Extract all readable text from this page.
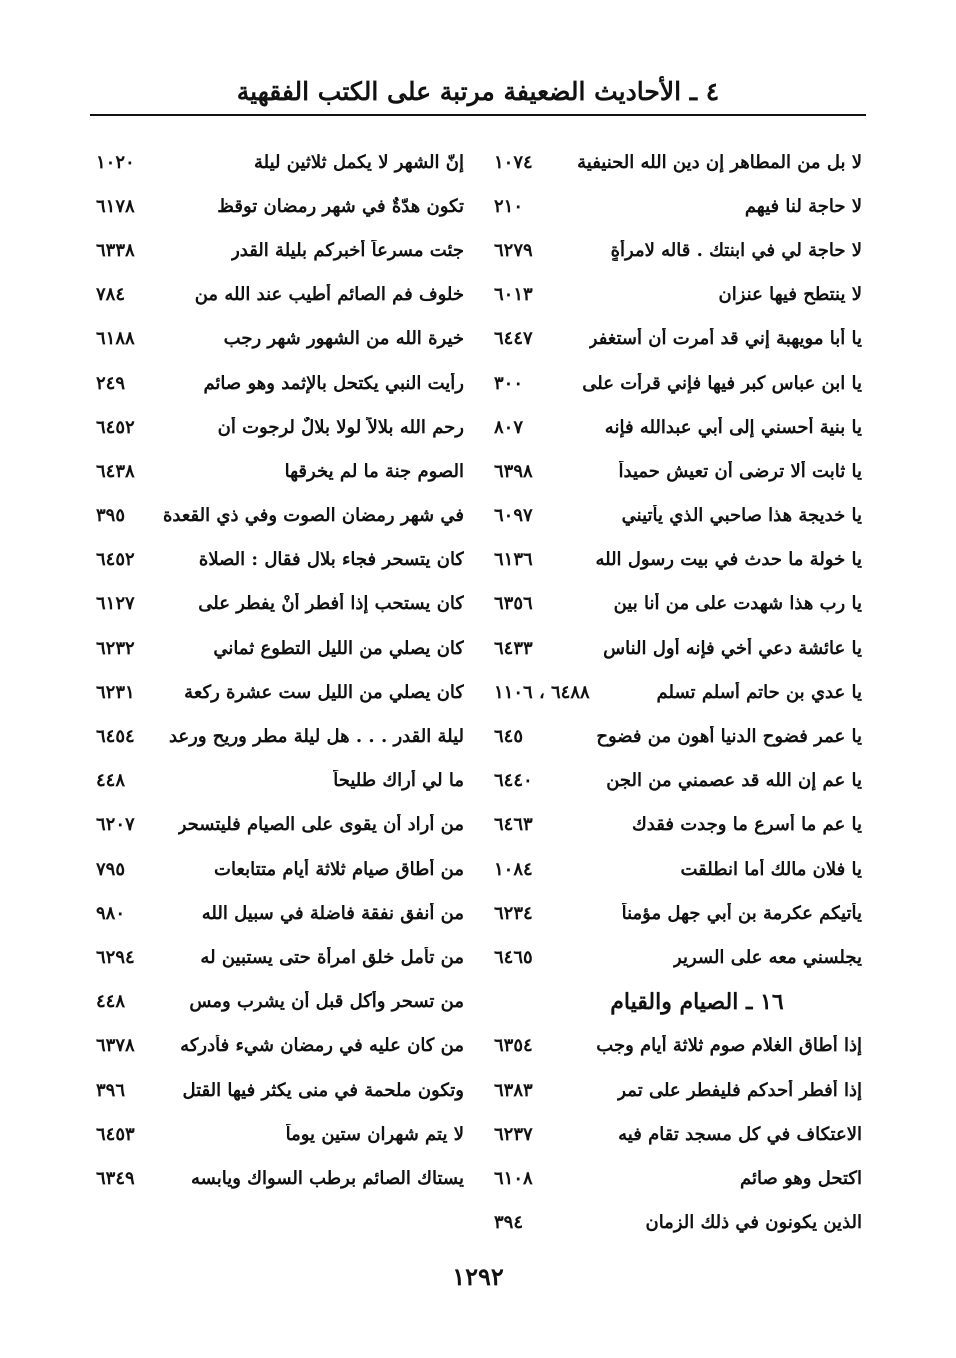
٤ ـ الأحاديث الضعيفة مرتبة على الكتب الفقهية
لا بل من المطاهر إن دين الله الحنيفية
١٠٧٤
لا حاجة لنا فيهم
٢١٠
لا حاجة لي في ابنتك . قاله لامرأةٍ
٦٢٧٩
لا ينتطح فيها عنزان
٦٠١٣
يا أبا مويهبة إني قد أمرت أن أستغفر
٦٤٤٧
يا ابن عباس كبر فيها فإني قرأت على
٣٠٠
يا بنية أحسني إلى أبي عبدالله فإنه
٨٠٧
يا ثابت ألا ترضى أن تعيش حميداً
٦٣٩٨
يا خديجة هذا صاحبي الذي يأتيني
٦٠٩٧
يا خولة ما حدث في بيت رسول الله
٦١٣٦
يا رب هذا شهدت على من أنا بين
٦٣٥٦
يا عائشة دعي أخي فإنه أول الناس
٦٤٣٣
يا عدي بن حاتم أسلم تسلم
٦٤٨٨ ، ١١٠٦
يا عمر فضوح الدنيا أهون من فضوح
٦٤٥
يا عم إن الله قد عصمني من الجن
٦٤٤٠
يا عم ما أسرع ما وجدت فقدك
٦٤٦٣
يا فلان مالك أما انطلقت
١٠٨٤
يأتيكم عكرمة بن أبي جهل مؤمناً
٦٢٣٤
يجلسني معه على السرير
٦٤٦٥
١٦ ـ الصيام والقيام
إذا أطاق الغلام صوم ثلاثة أيام وجب
٦٣٥٤
إذا أفطر أحدكم فليفطر على تمر
٦٣٨٣
الاعتكاف في كل مسجد تقام فيه
٦٢٣٧
اكتحل وهو صائم
٦١٠٨
الذين يكونون في ذلك الزمان
٣٩٤
إنّ الشهر لا يكمل ثلاثين ليلة
١٠٢٠
تكون هدّةٌ في شهر رمضان توقظ
٦١٧٨
جئت مسرعاً أخبركم بليلة القدر
٦٣٣٨
خلوف فم الصائم أطيب عند الله من
٧٨٤
خيرة الله من الشهور شهر رجب
٦١٨٨
رأيت النبي يكتحل بالإثمد وهو صائم
٢٤٩
رحم الله بلالاً لولا بلالٌ لرجوت أن
٦٤٥٢
الصوم جنة ما لم يخرقها
٦٤٣٨
في شهر رمضان الصوت وفي ذي القعدة
٣٩٥
كان يتسحر فجاء بلال فقال : الصلاة
٦٤٥٢
كان يستحب إذا أفطر أنْ يفطر على
٦١٢٧
كان يصلي من الليل التطوع ثماني
٦٢٣٢
كان يصلي من الليل ست عشرة ركعة
٦٢٣١
ليلة القدر . . . هل ليلة مطر وريح ورعد
٦٤٥٤
ما لي أراك طليحاً
٤٤٨
من أراد أن يقوى على الصيام فليتسحر
٦٢٠٧
من أطاق صيام ثلاثة أيام متتابعات
٧٩٥
من أنفق نفقة فاضلة في سبيل الله
٩٨٠
من تأمل خلق امرأة حتى يستبين له
٦٢٩٤
من تسحر وأكل قبل أن يشرب ومس
٤٤٨
من كان عليه في رمضان شيء فأدركه
٦٣٧٨
وتكون ملحمة في منى يكثر فيها القتل
٣٩٦
لا يتم شهران ستين يوماً
٦٤٥٣
يستاك الصائم برطب السواك ويابسه
٦٣٤٩
١٢٩٢
